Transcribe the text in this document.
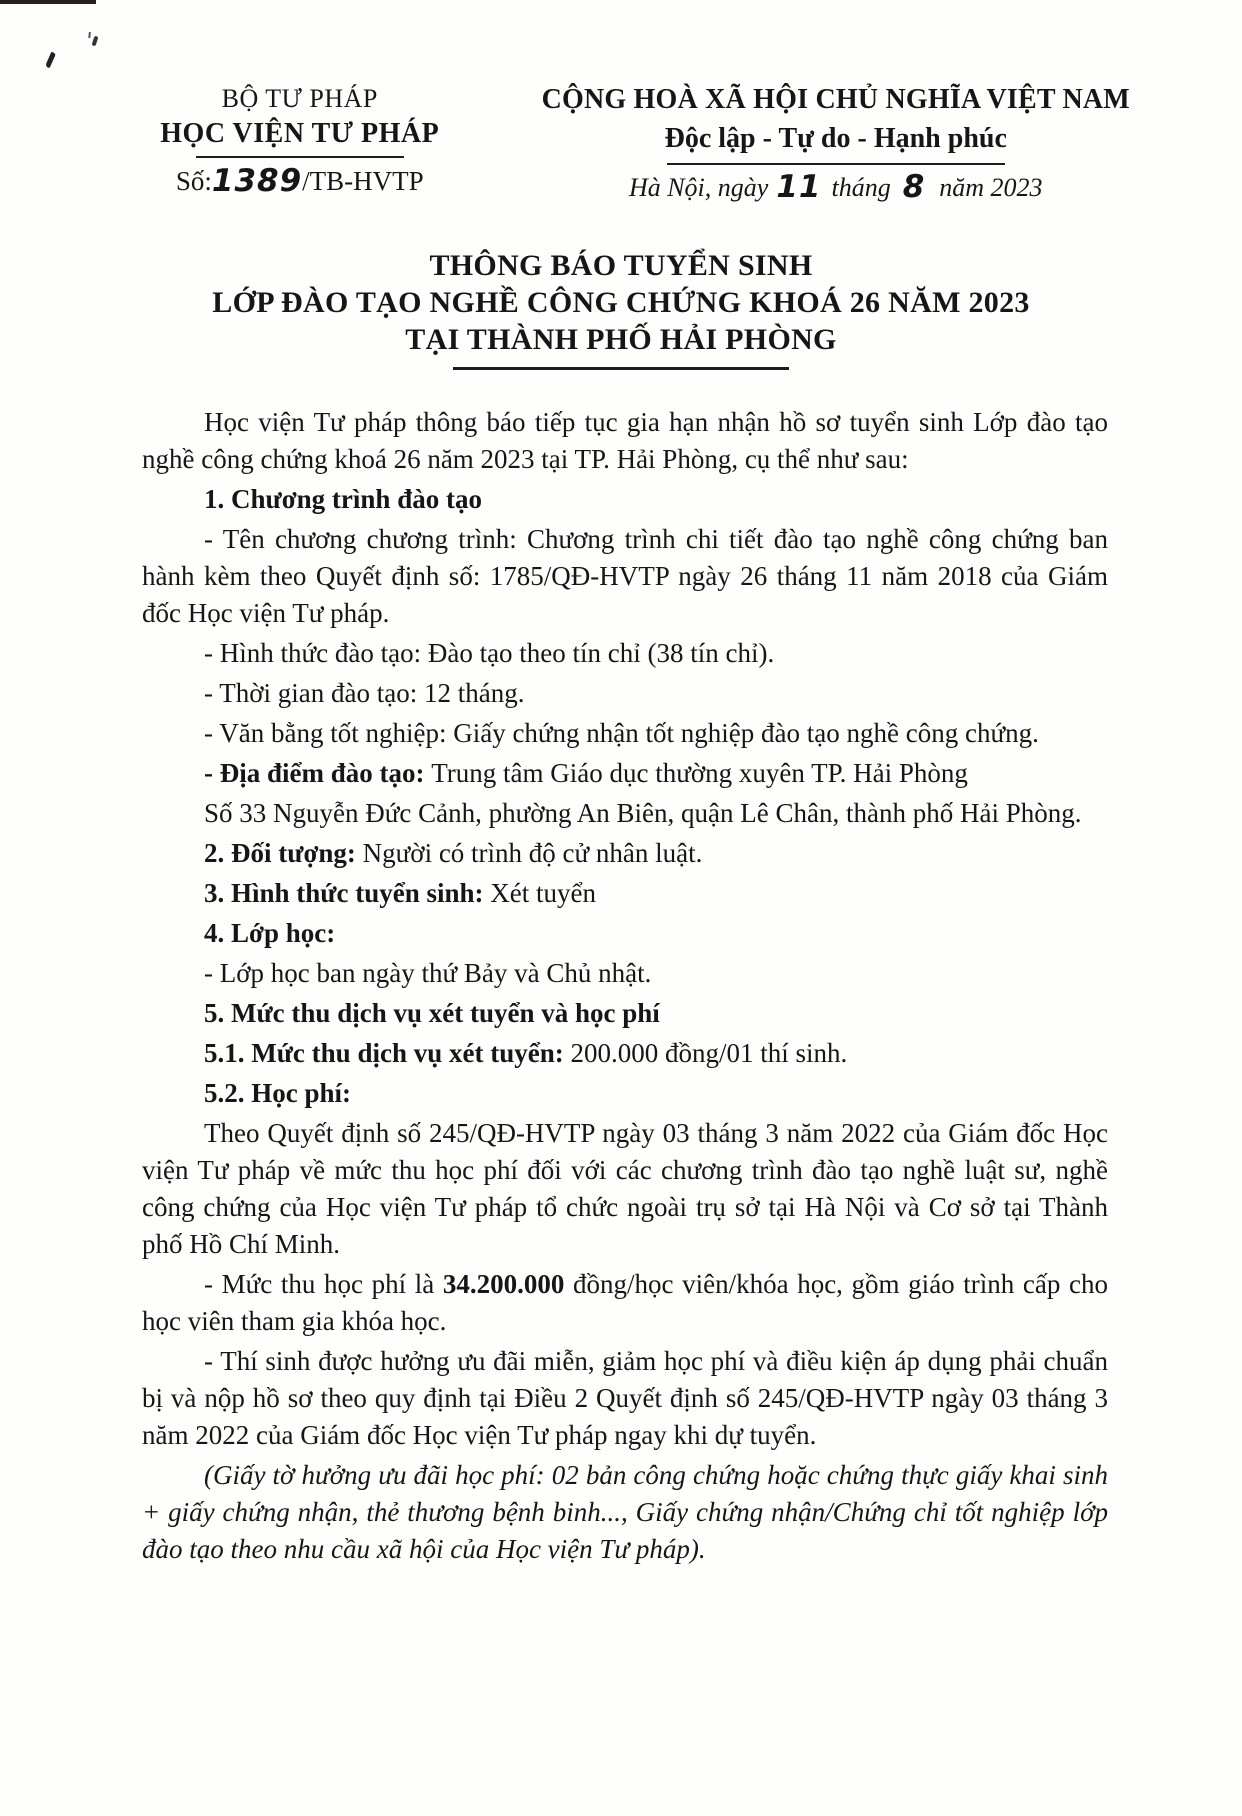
BỘ TƯ PHÁP
HỌC VIỆN TƯ PHÁP
Số:1389/TB-HVTP
CỘNG HOÀ XÃ HỘI CHỦ NGHĨA VIỆT NAM
Độc lập - Tự do - Hạnh phúc
Hà Nội, ngày 11 tháng 8 năm 2023
THÔNG BÁO TUYỂN SINH
LỚP ĐÀO TẠO NGHỀ CÔNG CHỨNG KHOÁ 26 NĂM 2023
TẠI THÀNH PHỐ HẢI PHÒNG

Học viện Tư pháp thông báo tiếp tục gia hạn nhận hồ sơ tuyển sinh Lớp đào tạo nghề công chứng khoá 26 năm 2023 tại TP. Hải Phòng, cụ thể như sau:

1. Chương trình đào tạo

- Tên chương chương trình: Chương trình chi tiết đào tạo nghề công chứng ban hành kèm theo Quyết định số: 1785/QĐ-HVTP ngày 26 tháng 11 năm 2018 của Giám đốc Học viện Tư pháp.

- Hình thức đào tạo: Đào tạo theo tín chỉ (38 tín chỉ).

- Thời gian đào tạo: 12 tháng.

- Văn bằng tốt nghiệp: Giấy chứng nhận tốt nghiệp đào tạo nghề công chứng.

- Địa điểm đào tạo: Trung tâm Giáo dục thường xuyên TP. Hải Phòng

Số 33 Nguyễn Đức Cảnh, phường An Biên, quận Lê Chân, thành phố Hải Phòng.

2. Đối tượng: Người có trình độ cử nhân luật.

3. Hình thức tuyển sinh: Xét tuyển

4. Lớp học:

- Lớp học ban ngày thứ Bảy và Chủ nhật.

5. Mức thu dịch vụ xét tuyển và học phí

5.1. Mức thu dịch vụ xét tuyển: 200.000 đồng/01 thí sinh.

5.2. Học phí:

Theo Quyết định số 245/QĐ-HVTP ngày 03 tháng 3 năm 2022 của Giám đốc Học viện Tư pháp về mức thu học phí đối với các chương trình đào tạo nghề luật sư, nghề công chứng của Học viện Tư pháp tổ chức ngoài trụ sở tại Hà Nội và Cơ sở tại Thành phố Hồ Chí Minh.

- Mức thu học phí là 34.200.000 đồng/học viên/khóa học, gồm giáo trình cấp cho học viên tham gia khóa học.

- Thí sinh được hưởng ưu đãi miễn, giảm học phí và điều kiện áp dụng phải chuẩn bị và nộp hồ sơ theo quy định tại Điều 2 Quyết định số 245/QĐ-HVTP ngày 03 tháng 3 năm 2022 của Giám đốc Học viện Tư pháp ngay khi dự tuyển.

(Giấy tờ hưởng ưu đãi học phí: 02 bản công chứng hoặc chứng thực giấy khai sinh + giấy chứng nhận, thẻ thương bệnh binh..., Giấy chứng nhận/Chứng chỉ tốt nghiệp lớp đào tạo theo nhu cầu xã hội của Học viện Tư pháp).
